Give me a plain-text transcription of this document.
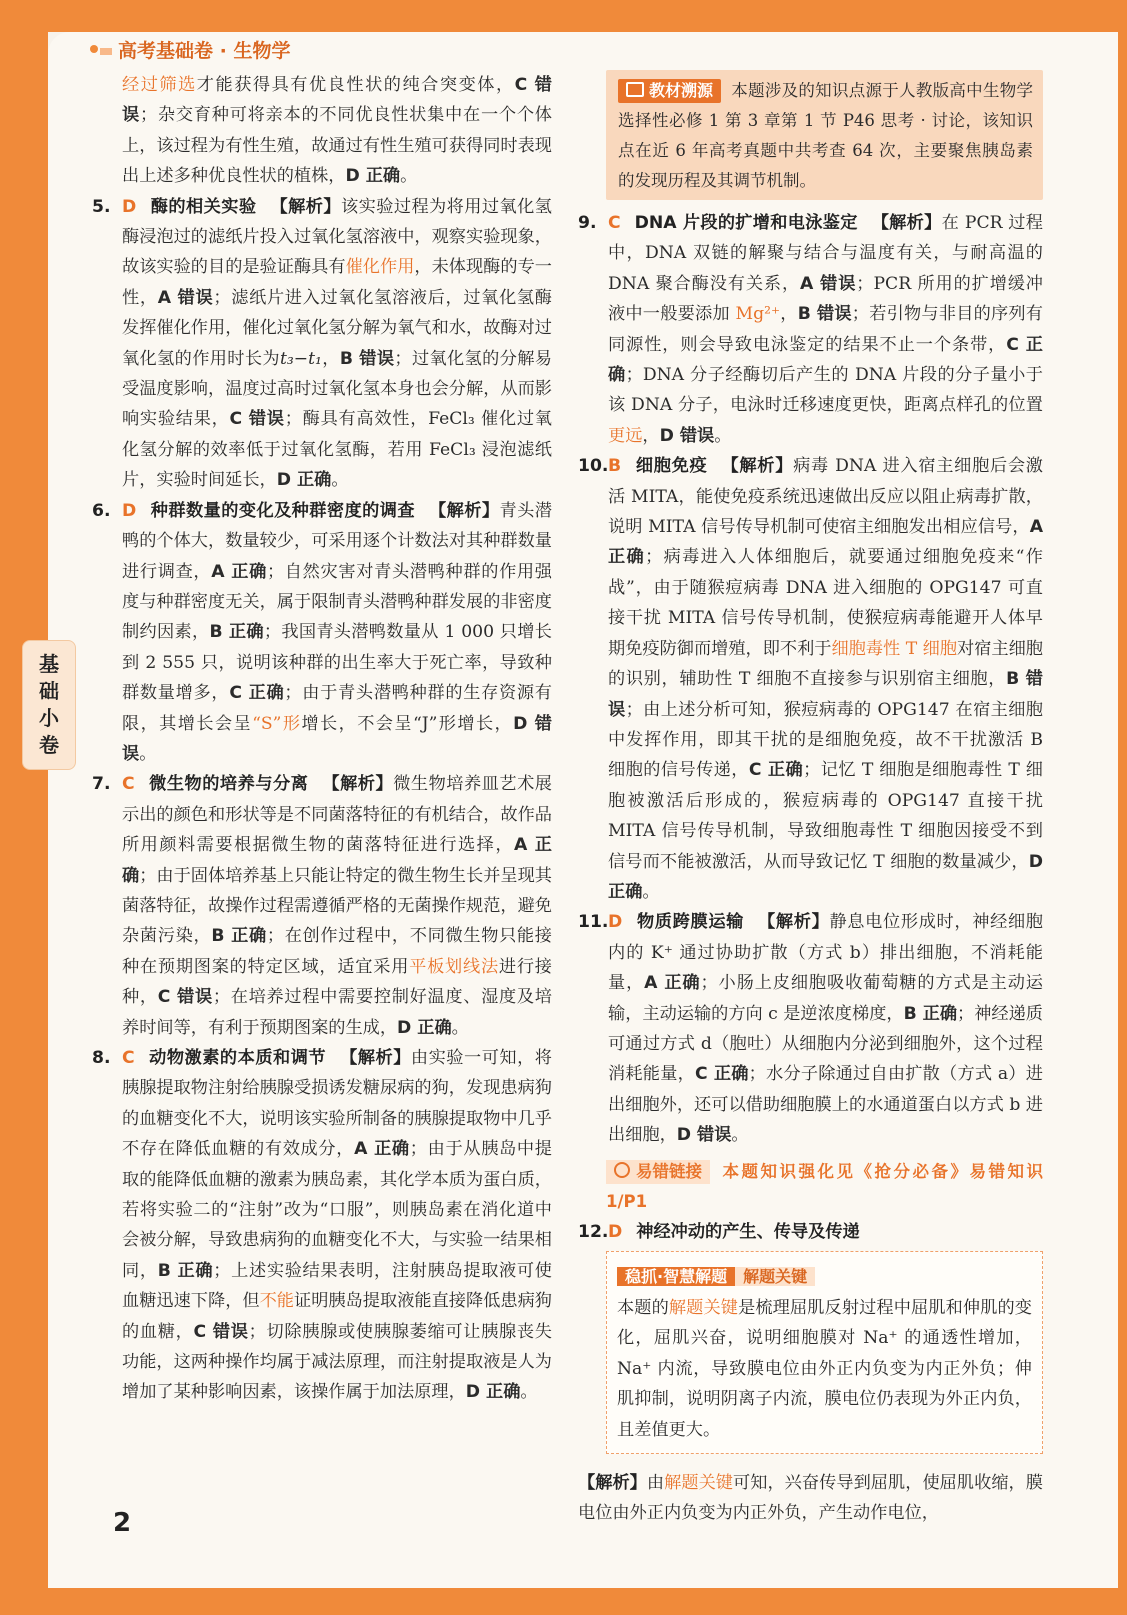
高考基础卷 · 生物学
基
础
小
卷
2

经过筛选才能获得具有优良性状的纯合突变体，C 错误；杂交育种可将亲本的不同优良性状集中在一个个体上，该过程为有性生殖，故通过有性生殖可获得同时表现出上述多种优良性状的植株，D 正确。

5. D 酶的相关实验 【解析】该实验过程为将用过氧化氢酶浸泡过的滤纸片投入过氧化氢溶液中，观察实验现象，故该实验的目的是验证酶具有催化作用，未体现酶的专一性，A 错误；滤纸片进入过氧化氢溶液后，过氧化氢酶发挥催化作用，催化过氧化氢分解为氧气和水，故酶对过氧化氢的作用时长为t₃−t₁，B 错误；过氧化氢的分解易受温度影响，温度过高时过氧化氢本身也会分解，从而影响实验结果，C 错误；酶具有高效性，FeCl₃ 催化过氧化氢分解的效率低于过氧化氢酶，若用 FeCl₃ 浸泡滤纸片，实验时间延长，D 正确。

6. D 种群数量的变化及种群密度的调查 【解析】青头潜鸭的个体大，数量较少，可采用逐个计数法对其种群数量进行调查，A 正确；自然灾害对青头潜鸭种群的作用强度与种群密度无关，属于限制青头潜鸭种群发展的非密度制约因素，B 正确；我国青头潜鸭数量从 1 000 只增长到 2 555 只，说明该种群的出生率大于死亡率，导致种群数量增多，C 正确；由于青头潜鸭种群的生存资源有限，其增长会呈“S”形增长，不会呈“J”形增长，D 错误。

7. C 微生物的培养与分离 【解析】微生物培养皿艺术展示出的颜色和形状等是不同菌落特征的有机结合，故作品所用颜料需要根据微生物的菌落特征进行选择，A 正确；由于固体培养基上只能让特定的微生物生长并呈现其菌落特征，故操作过程需遵循严格的无菌操作规范，避免杂菌污染，B 正确；在创作过程中，不同微生物只能接种在预期图案的特定区域，适宜采用平板划线法进行接种，C 错误；在培养过程中需要控制好温度、湿度及培养时间等，有利于预期图案的生成，D 正确。

8. C 动物激素的本质和调节 【解析】由实验一可知，将胰腺提取物注射给胰腺受损诱发糖尿病的狗，发现患病狗的血糖变化不大，说明该实验所制备的胰腺提取物中几乎不存在降低血糖的有效成分，A 正确；由于从胰岛中提取的能降低血糖的激素为胰岛素，其化学本质为蛋白质，若将实验二的“注射”改为“口服”，则胰岛素在消化道中会被分解，导致患病狗的血糖变化不大，与实验一结果相同，B 正确；上述实验结果表明，注射胰岛提取液可使血糖迅速下降，但不能证明胰岛提取液能直接降低患病狗的血糖，C 错误；切除胰腺或使胰腺萎缩可让胰腺丧失功能，这两种操作均属于减法原理，而注射提取液是人为增加了某种影响因素，该操作属于加法原理，D 正确。

教材溯源 本题涉及的知识点源于人教版高中生物学选择性必修 1 第 3 章第 1 节 P46 思考 · 讨论，该知识点在近 6 年高考真题中共考查 64 次，主要聚焦胰岛素的发现历程及其调节机制。
9. C DNA 片段的扩增和电泳鉴定 【解析】在 PCR 过程中，DNA 双链的解聚与结合与温度有关，与耐高温的 DNA 聚合酶没有关系，A 错误；PCR 所用的扩增缓冲液中一般要添加 Mg²⁺，B 错误；若引物与非目的序列有同源性，则会导致电泳鉴定的结果不止一个条带，C 正确；DNA 分子经酶切后产生的 DNA 片段的分子量小于该 DNA 分子，电泳时迁移速度更快，距离点样孔的位置更远，D 错误。

10. B 细胞免疫 【解析】病毒 DNA 进入宿主细胞后会激活 MITA，能使免疫系统迅速做出反应以阻止病毒扩散，说明 MITA 信号传导机制可使宿主细胞发出相应信号，A 正确；病毒进入人体细胞后，就要通过细胞免疫来“作战”，由于随猴痘病毒 DNA 进入细胞的 OPG147 可直接干扰 MITA 信号传导机制，使猴痘病毒能避开人体早期免疫防御而增殖，即不利于细胞毒性 T 细胞对宿主细胞的识别，辅助性 T 细胞不直接参与识别宿主细胞，B 错误；由上述分析可知，猴痘病毒的 OPG147 在宿主细胞中发挥作用，即其干扰的是细胞免疫，故不干扰激活 B 细胞的信号传递，C 正确；记忆 T 细胞是细胞毒性 T 细胞被激活后形成的，猴痘病毒的 OPG147 直接干扰 MITA 信号传导机制，导致细胞毒性 T 细胞因接受不到信号而不能被激活，从而导致记忆 T 细胞的数量减少，D 正确。

11. D 物质跨膜运输 【解析】静息电位形成时，神经细胞内的 K⁺ 通过协助扩散（方式 b）排出细胞，不消耗能量，A 正确；小肠上皮细胞吸收葡萄糖的方式是主动运输，主动运输的方向 c 是逆浓度梯度，B 正确；神经递质可通过方式 d（胞吐）从细胞内分泌到细胞外，这个过程消耗能量，C 正确；水分子除通过自由扩散（方式 a）进出细胞外，还可以借助细胞膜上的水通道蛋白以方式 b 进出细胞，D 错误。

易错链接 本题知识强化见《抢分必备》易错知识 1/P1
12. D 神经冲动的产生、传导及传递

稳抓·智慧解题 解题关键

本题的解题关键是梳理屈肌反射过程中屈肌和伸肌的变化，屈肌兴奋，说明细胞膜对 Na⁺ 的通透性增加，Na⁺ 内流，导致膜电位由外正内负变为内正外负；伸肌抑制，说明阴离子内流，膜电位仍表现为外正内负，且差值更大。

【解析】由解题关键可知，兴奋传导到屈肌，使屈肌收缩，膜电位由外正内负变为内正外负，产生动作电位，
